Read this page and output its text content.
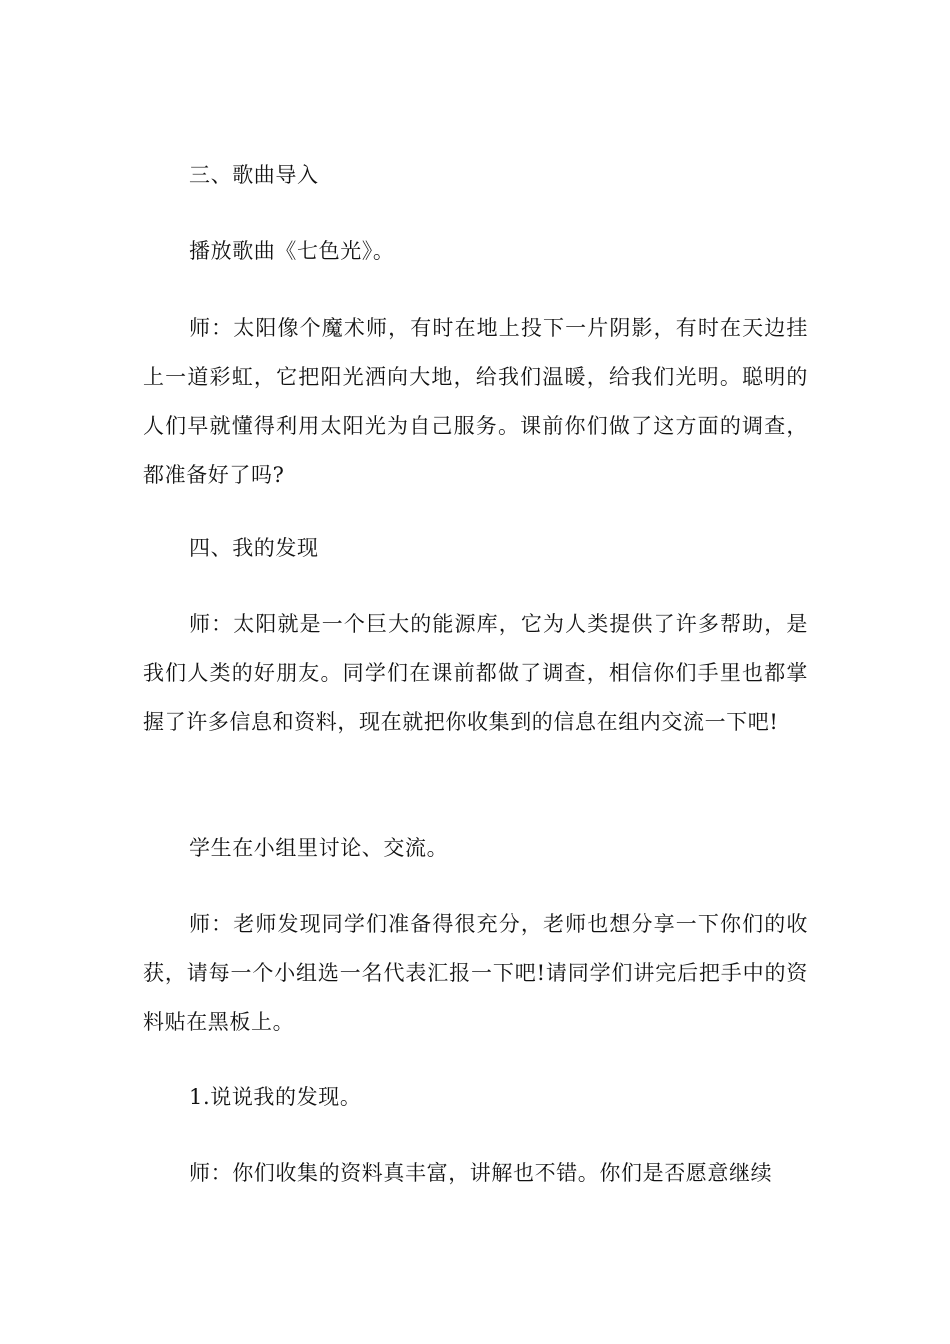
三、歌曲导入

播放歌曲《七色光》。

师：太阳像个魔术师，有时在地上投下一片阴影，有时在天边挂上一道彩虹，它把阳光洒向大地，给我们温暖，给我们光明。聪明的人们早就懂得利用太阳光为自己服务。课前你们做了这方面的调查，都准备好了吗?

四、我的发现

师：太阳就是一个巨大的能源库，它为人类提供了许多帮助，是我们人类的好朋友。同学们在课前都做了调查，相信你们手里也都掌握了许多信息和资料，现在就把你收集到的信息在组内交流一下吧!

学生在小组里讨论、交流。

师：老师发现同学们准备得很充分，老师也想分享一下你们的收获，请每一个小组选一名代表汇报一下吧!请同学们讲完后把手中的资料贴在黑板上。

1.说说我的发现。

师：你们收集的资料真丰富，讲解也不错。你们是否愿意继续
